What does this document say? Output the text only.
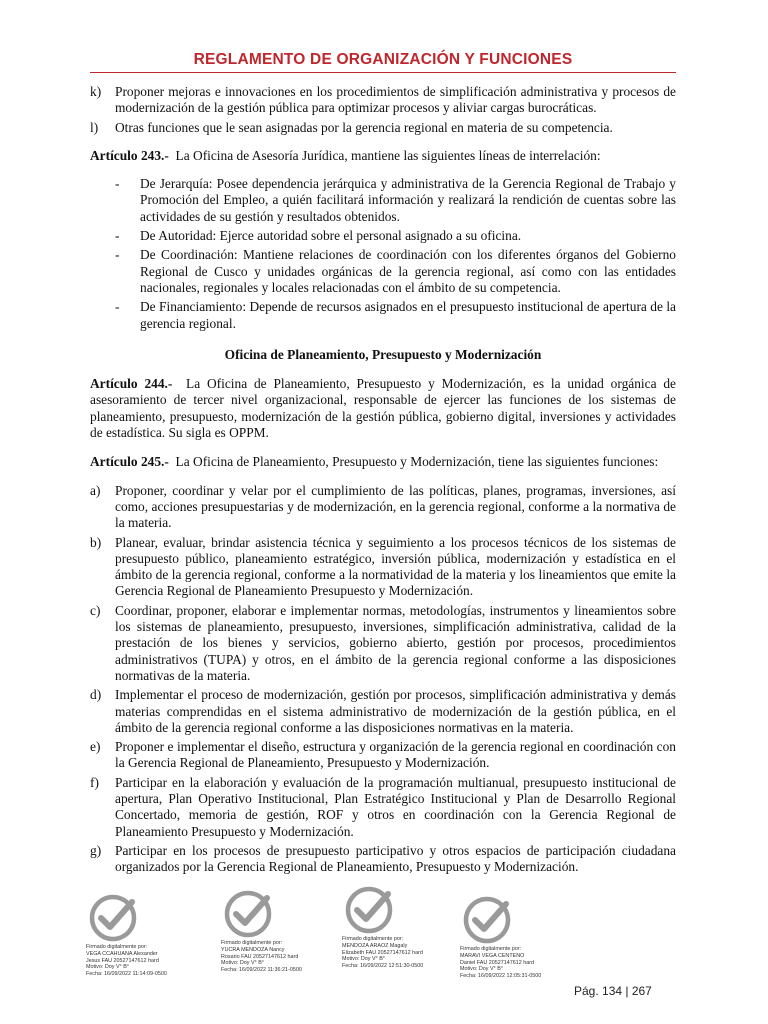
REGLAMENTO DE ORGANIZACIÓN Y FUNCIONES
k)	Proponer mejoras e innovaciones en los procedimientos de simplificación administrativa y procesos de modernización de la gestión pública para optimizar procesos y aliviar cargas burocráticas.
l)	Otras funciones que le sean asignadas por la gerencia regional en materia de su competencia.
Artículo 243.- La Oficina de Asesoría Jurídica, mantiene las siguientes líneas de interrelación:
-	De Jerarquía: Posee dependencia jerárquica y administrativa de la Gerencia Regional de Trabajo y Promoción del Empleo, a quién facilitará información y realizará la rendición de cuentas sobre las actividades de su gestión y resultados obtenidos.
-	De Autoridad: Ejerce autoridad sobre el personal asignado a su oficina.
-	De Coordinación: Mantiene relaciones de coordinación con los diferentes órganos del Gobierno Regional de Cusco y unidades orgánicas de la gerencia regional, así como con las entidades nacionales, regionales y locales relacionadas con el ámbito de su competencia.
-	De Financiamiento: Depende de recursos asignados en el presupuesto institucional de apertura de la gerencia regional.
Oficina de Planeamiento, Presupuesto y Modernización
Artículo 244.- La Oficina de Planeamiento, Presupuesto y Modernización, es la unidad orgánica de asesoramiento de tercer nivel organizacional, responsable de ejercer las funciones de los sistemas de planeamiento, presupuesto, modernización de la gestión pública, gobierno digital, inversiones y actividades de estadística. Su sigla es OPPM.
Artículo 245.- La Oficina de Planeamiento, Presupuesto y Modernización, tiene las siguientes funciones:
a)	Proponer, coordinar y velar por el cumplimiento de las políticas, planes, programas, inversiones, así como, acciones presupuestarias y de modernización, en la gerencia regional, conforme a la normativa de la materia.
b)	Planear, evaluar, brindar asistencia técnica y seguimiento a los procesos técnicos de los sistemas de presupuesto público, planeamiento estratégico, inversión pública, modernización y estadística en el ámbito de la gerencia regional, conforme a la normatividad de la materia y los lineamientos que emite la Gerencia Regional de Planeamiento Presupuesto y Modernización.
c)	Coordinar, proponer, elaborar e implementar normas, metodologías, instrumentos y lineamientos sobre los sistemas de planeamiento, presupuesto, inversiones, simplificación administrativa, calidad de la prestación de los bienes y servicios, gobierno abierto, gestión por procesos, procedimientos administrativos (TUPA) y otros, en el ámbito de la gerencia regional conforme a las disposiciones normativas de la materia.
d)	Implementar el proceso de modernización, gestión por procesos, simplificación administrativa y demás materias comprendidas en el sistema administrativo de modernización de la gestión pública, en el ámbito de la gerencia regional conforme a las disposiciones normativas en la materia.
e)	Proponer e implementar el diseño, estructura y organización de la gerencia regional en coordinación con la Gerencia Regional de Planeamiento, Presupuesto y Modernización.
f)	Participar en la elaboración y evaluación de la programación multianual, presupuesto institucional de apertura, Plan Operativo Institucional, Plan Estratégico Institucional y Plan de Desarrollo Regional Concertado, memoria de gestión, ROF y otros en coordinación con la Gerencia Regional de Planeamiento Presupuesto y Modernización.
g)	Participar en los procesos de presupuesto participativo y otros espacios de participación ciudadana organizados por la Gerencia Regional de Planeamiento, Presupuesto y Modernización.
Firmado digitalmente por:
VEGA CCAHUANA Alexander
Jesus FAU 20527147612 hard
Motivo: Doy V° B°
Fecha: 16/09/2022 11:14:09-0500
Firmado digitalmente por:
YUCRA MENDOZA Nancy
Rosario FAU 20527147612 hard
Motivo: Doy V° B°
Fecha: 16/09/2022 11:36:21-0500
Firmado digitalmente por:
MENDOZA ARAOZ Magaly
Elizabeth FAU 20527147612 hard
Motivo: Doy V° B°
Fecha: 16/09/2022 12:51:30-0500
Firmado digitalmente por:
MARAVI VEGA CENTENO
Daniel FAU 20527147612 hard
Motivo: Doy V° B°
Fecha: 16/09/2022 12:05:31-0500
Pág. 134 | 267
